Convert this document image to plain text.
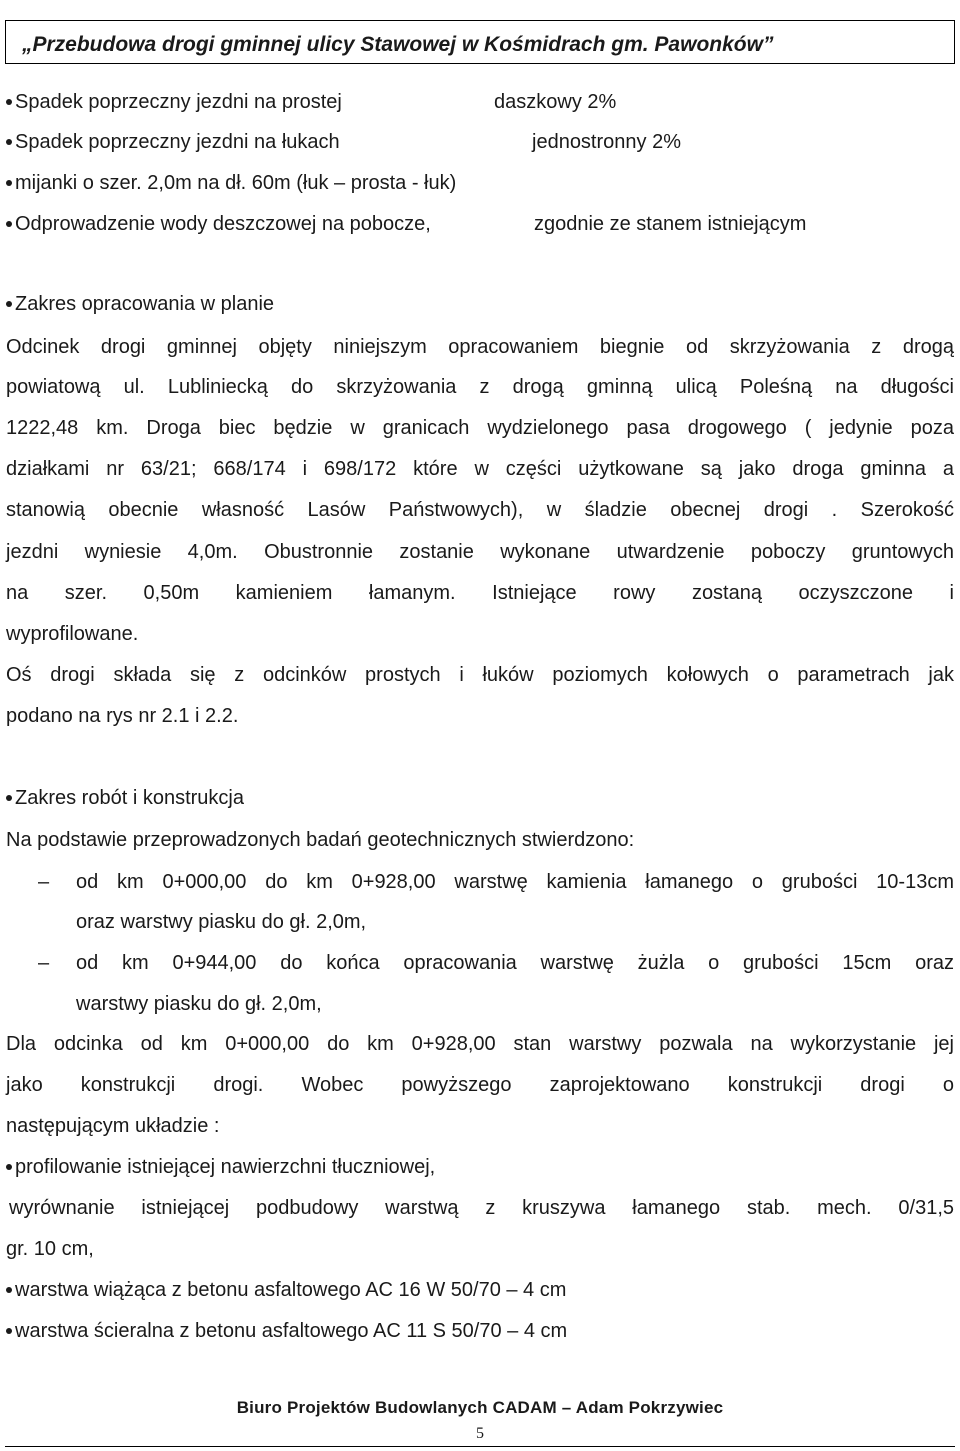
„Przebudowa drogi gminnej ulicy Stawowej w Kośmidrach gm. Pawonków”
Spadek poprzeczny jezdni na prostej	daszkowy 2%
Spadek poprzeczny jezdni na łukach	jednostronny 2%
mijanki o szer. 2,0m na dł. 60m (łuk – prosta - łuk)
Odprowadzenie wody deszczowej na pobocze,	zgodnie ze stanem istniejącym
Zakres opracowania w planie
Odcinek drogi gminnej objęty niniejszym opracowaniem biegnie od skrzyżowania z drogą
powiatową ul. Lubliniecką do skrzyżowania z drogą gminną ulicą Poleśną na długości
1222,48 km. Droga biec będzie w granicach wydzielonego pasa drogowego ( jedynie poza
działkami nr 63/21; 668/174 i 698/172 które w części użytkowane są jako droga gminna a
stanowią obecnie własność Lasów Państwowych), w śladzie obecnej drogi . Szerokość
jezdni wyniesie 4,0m. Obustronnie zostanie wykonane utwardzenie poboczy gruntowych
na szer. 0,50m kamieniem łamanym. Istniejące rowy zostaną oczyszczone i
wyprofilowane.
Oś drogi składa się z odcinków prostych i łuków poziomych kołowych o parametrach jak
podano na rys nr 2.1 i 2.2.
Zakres robót i konstrukcja
Na podstawie przeprowadzonych badań geotechnicznych stwierdzono:
– od km 0+000,00 do km 0+928,00 warstwę kamienia łamanego o grubości 10-13cm
oraz warstwy piasku do gł. 2,0m,
– od km 0+944,00 do końca opracowania warstwę żużla o grubości 15cm oraz
warstwy piasku do gł. 2,0m,
Dla odcinka od km 0+000,00 do km 0+928,00 stan warstwy pozwala na wykorzystanie jej
jako konstrukcji drogi. Wobec powyższego zaprojektowano konstrukcji drogi o
następującym układzie :
profilowanie istniejącej nawierzchni tłuczniowej,
wyrównanie istniejącej podbudowy warstwą z kruszywa łamanego stab. mech. 0/31,5
gr. 10 cm,
warstwa wiążąca z betonu asfaltowego AC 16 W 50/70 – 4 cm
warstwa ścieralna z betonu asfaltowego AC 11 S 50/70 – 4 cm
Biuro Projektów Budowlanych CADAM – Adam Pokrzywiec
5
